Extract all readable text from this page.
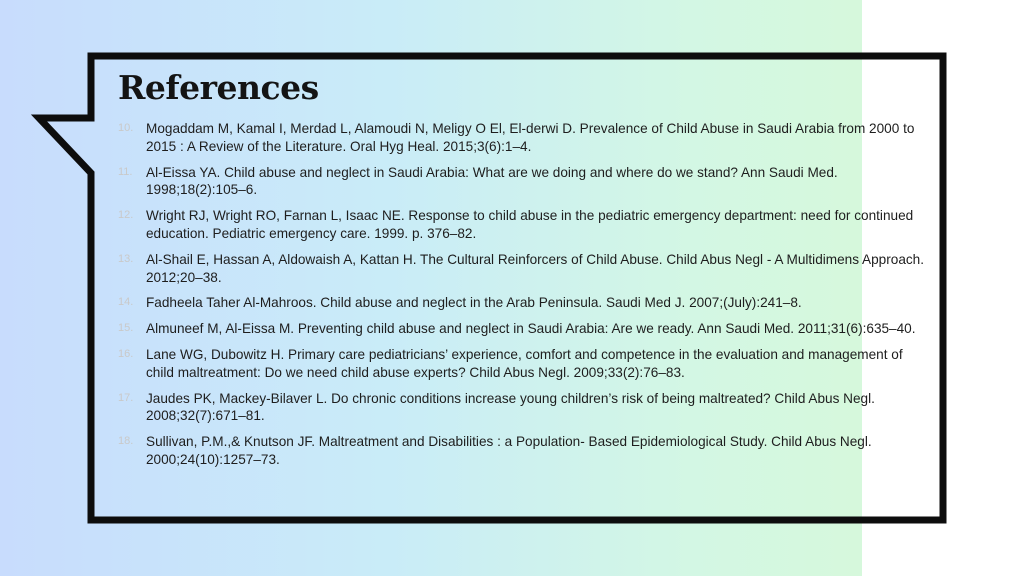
References
10. Mogaddam M, Kamal I, Merdad L, Alamoudi N, Meligy O El, El-derwi D. Prevalence of Child Abuse in Saudi Arabia from 2000 to 2015 : A Review of the Literature. Oral Hyg Heal. 2015;3(6):1–4.
11. Al-Eissa YA. Child abuse and neglect in Saudi Arabia: What are we doing and where do we stand? Ann Saudi Med. 1998;18(2):105–6.
12. Wright RJ, Wright RO, Farnan L, Isaac NE. Response to child abuse in the pediatric emergency department: need for continued education. Pediatric emergency care. 1999. p. 376–82.
13. Al-Shail E, Hassan A, Aldowaish A, Kattan H. The Cultural Reinforcers of Child Abuse. Child Abus Negl - A Multidimens Approach. 2012;20–38.
14. Fadheela Taher Al-Mahroos. Child abuse and neglect in the Arab Peninsula. Saudi Med J. 2007;(July):241–8.
15. Almuneef M, Al-Eissa M. Preventing child abuse and neglect in Saudi Arabia: Are we ready. Ann Saudi Med. 2011;31(6):635–40.
16. Lane WG, Dubowitz H. Primary care pediatricians’ experience, comfort and competence in the evaluation and management of child maltreatment: Do we need child abuse experts? Child Abus Negl. 2009;33(2):76–83.
17. Jaudes PK, Mackey-Bilaver L. Do chronic conditions increase young children’s risk of being maltreated? Child Abus Negl. 2008;32(7):671–81.
18. Sullivan, P.M.,& Knutson JF. Maltreatment and Disabilities : a Population- Based Epidemiological Study. Child Abus Negl. 2000;24(10):1257–73.
